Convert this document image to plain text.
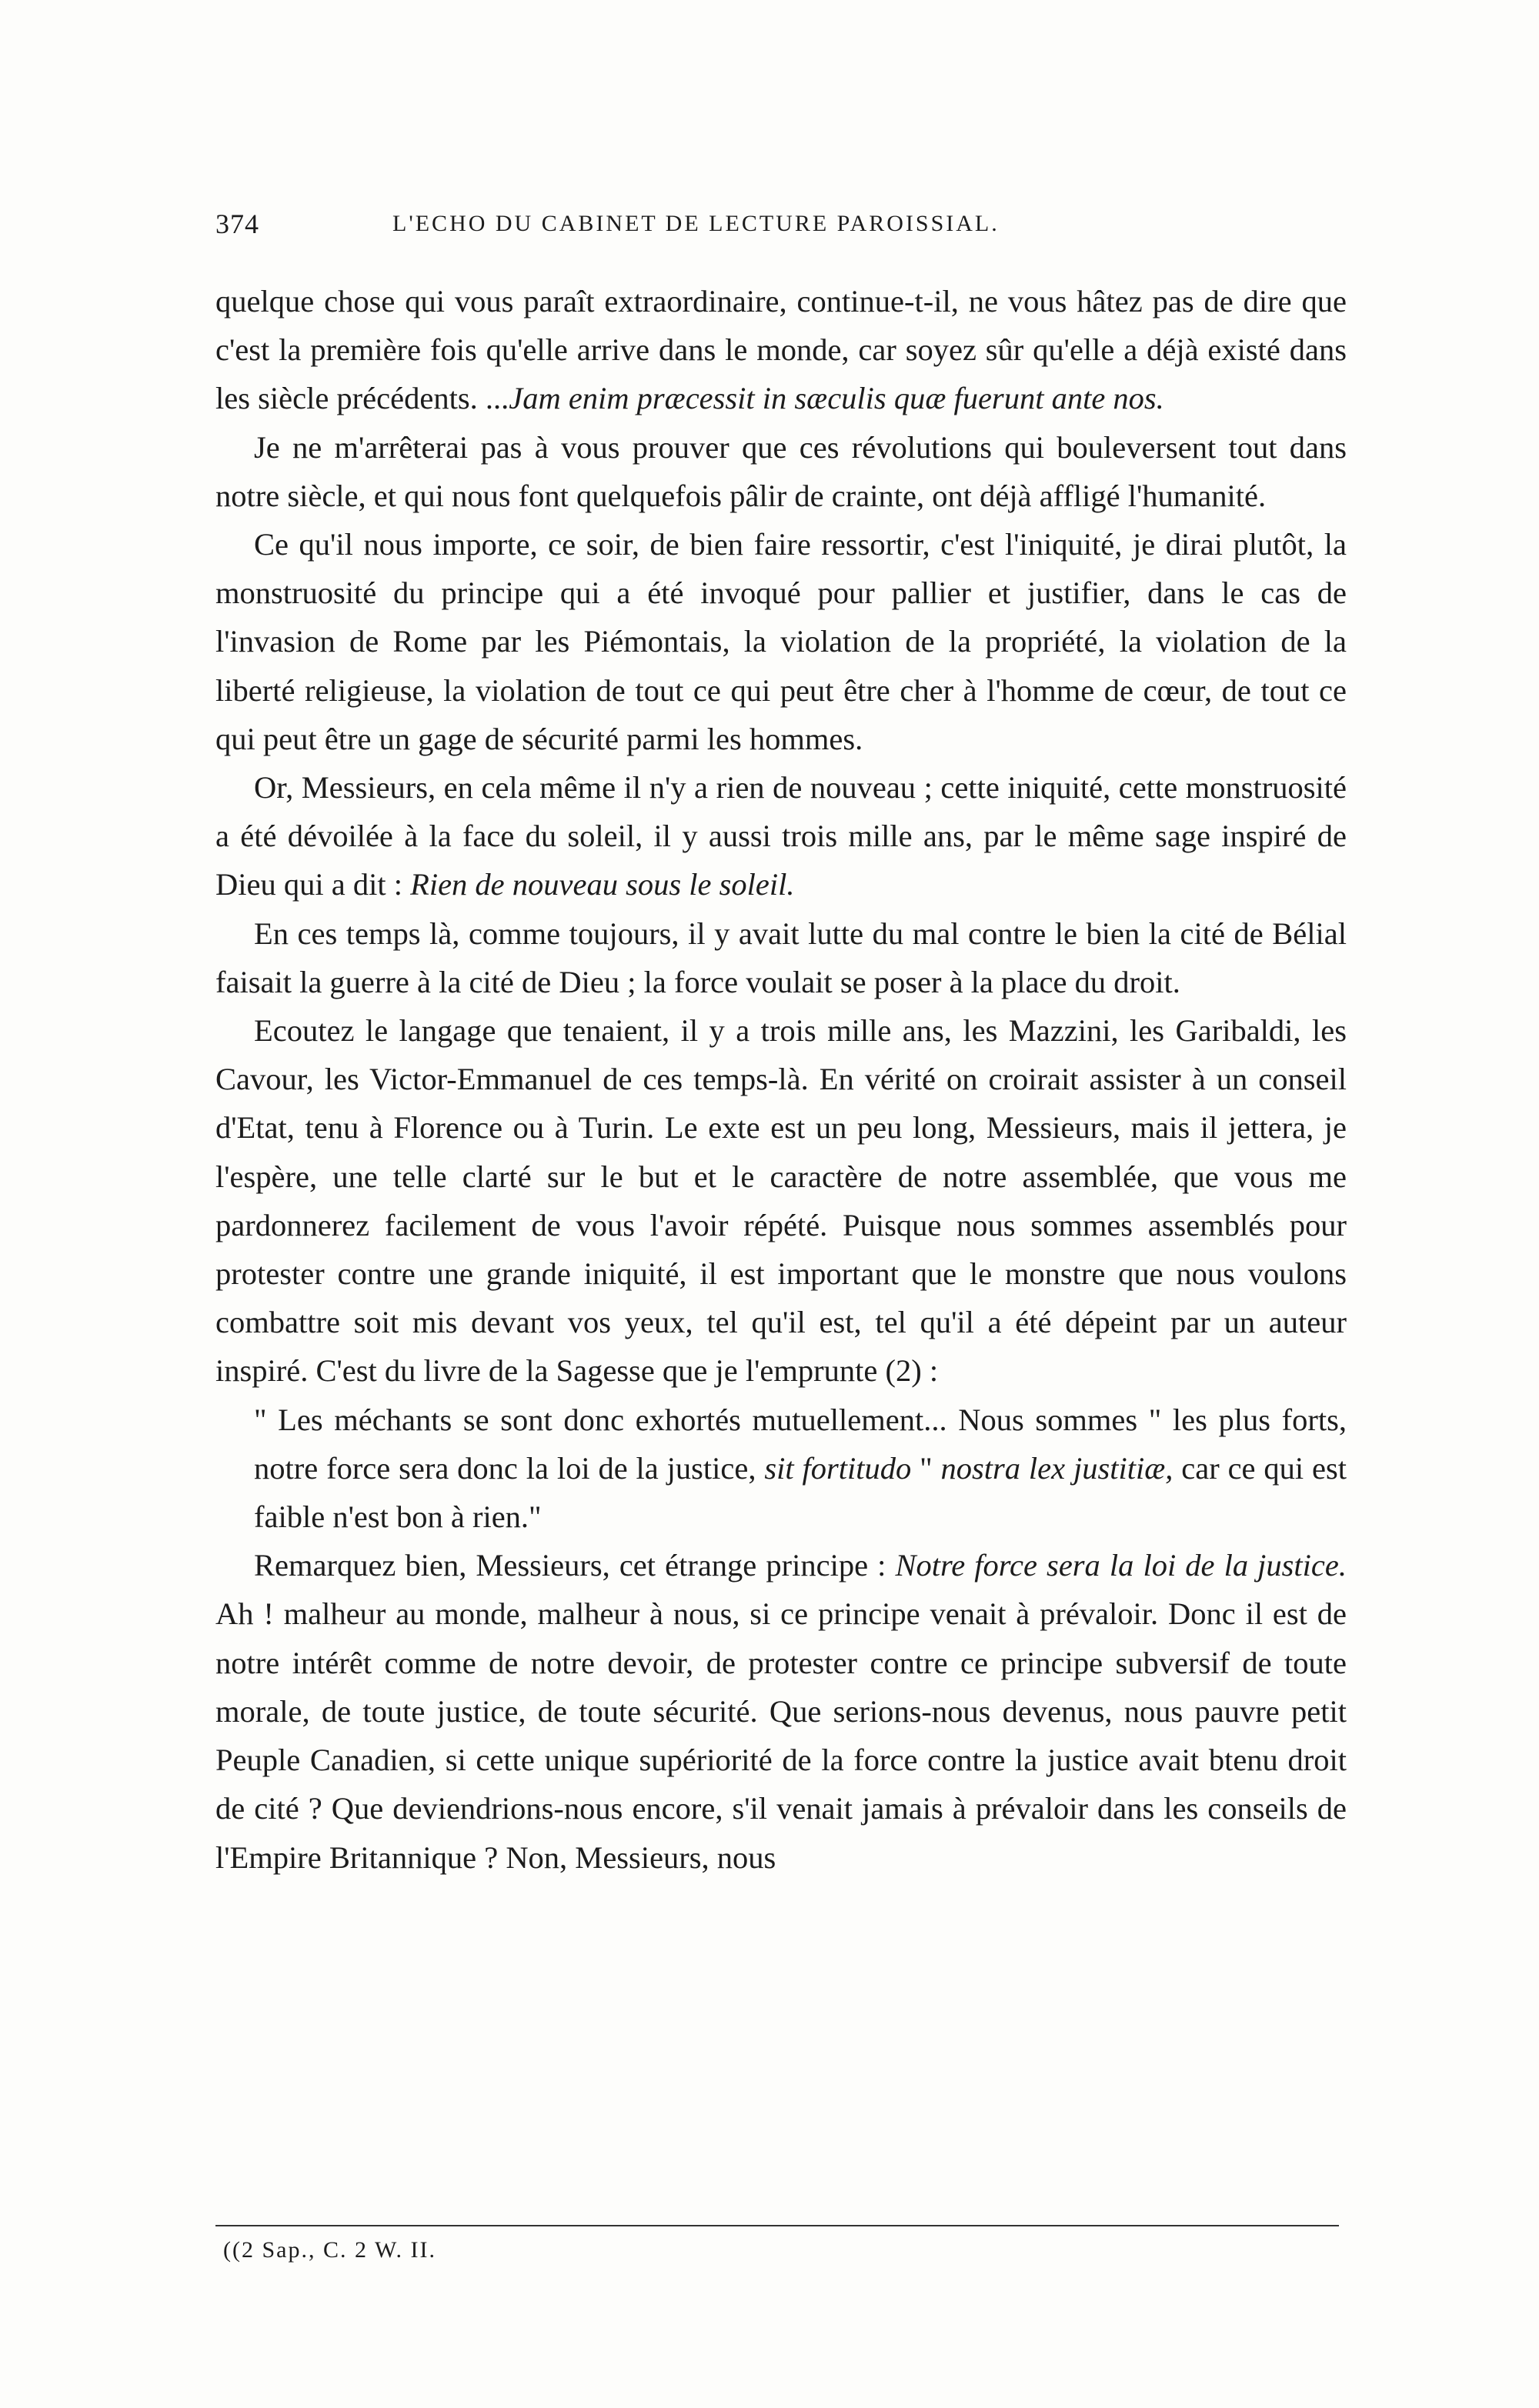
374	L'ECHO DU CABINET DE LECTURE PAROISSIAL.

quelque chose qui vous paraît extraordinaire, continue-t-il, ne vous hâtez pas de dire que c'est la première fois qu'elle arrive dans le monde, car soyez sûr qu'elle a déjà existé dans les siècle précédents. ...Jam enim præcessit in sæculis quæ fuerunt ante nos.

Je ne m'arrêterai pas à vous prouver que ces révolutions qui bouleversent tout dans notre siècle, et qui nous font quelquefois pâlir de crainte, ont déjà affligé l'humanité.

Ce qu'il nous importe, ce soir, de bien faire ressortir, c'est l'iniquité, je dirai plutôt, la monstruosité du principe qui a été invoqué pour pallier et justifier, dans le cas de l'invasion de Rome par les Piémontais, la violation de la propriété, la violation de la liberté religieuse, la violation de tout ce qui peut être cher à l'homme de cœur, de tout ce qui peut être un gage de sécurité parmi les hommes.

Or, Messieurs, en cela même il n'y a rien de nouveau ; cette iniquité, cette monstruosité a été dévoilée à la face du soleil, il y aussi trois mille ans, par le même sage inspiré de Dieu qui a dit : Rien de nouveau sous le soleil.

En ces temps là, comme toujours, il y avait lutte du mal contre le bien la cité de Bélial faisait la guerre à la cité de Dieu ; la force voulait se poser à la place du droit.

Ecoutez le langage que tenaient, il y a trois mille ans, les Mazzini, les Garibaldi, les Cavour, les Victor-Emmanuel de ces temps-là. En vérité on croirait assister à un conseil d'Etat, tenu à Florence ou à Turin. Le exte est un peu long, Messieurs, mais il jettera, je l'espère, une telle clarté sur le but et le caractère de notre assemblée, que vous me pardonnerez facilement de vous l'avoir répété. Puisque nous sommes assemblés pour protester contre une grande iniquité, il est important que le monstre que nous voulons combattre soit mis devant vos yeux, tel qu'il est, tel qu'il a été dépeint par un auteur inspiré. C'est du livre de la Sagesse que je l'emprunte (2) :

" Les méchants se sont donc exhortés mutuellement... Nous sommes " les plus forts, notre force sera donc la loi de la justice, sit fortitudo " nostra lex justitiæ, car ce qui est faible n'est bon à rien."

Remarquez bien, Messieurs, cet étrange principe : Notre force sera la loi de la justice. Ah ! malheur au monde, malheur à nous, si ce principe venait à prévaloir. Donc il est de notre intérêt comme de notre devoir, de protester contre ce principe subversif de toute morale, de toute justice, de toute sécurité. Que serions-nous devenus, nous pauvre petit Peuple Canadien, si cette unique supériorité de la force contre la justice avait btenu droit de cité ? Que deviendrions-nous encore, s'il venait jamais à prévaloir dans les conseils de l'Empire Britannique ? Non, Messieurs, nous

((2 Sap., C. 2 W. II.
